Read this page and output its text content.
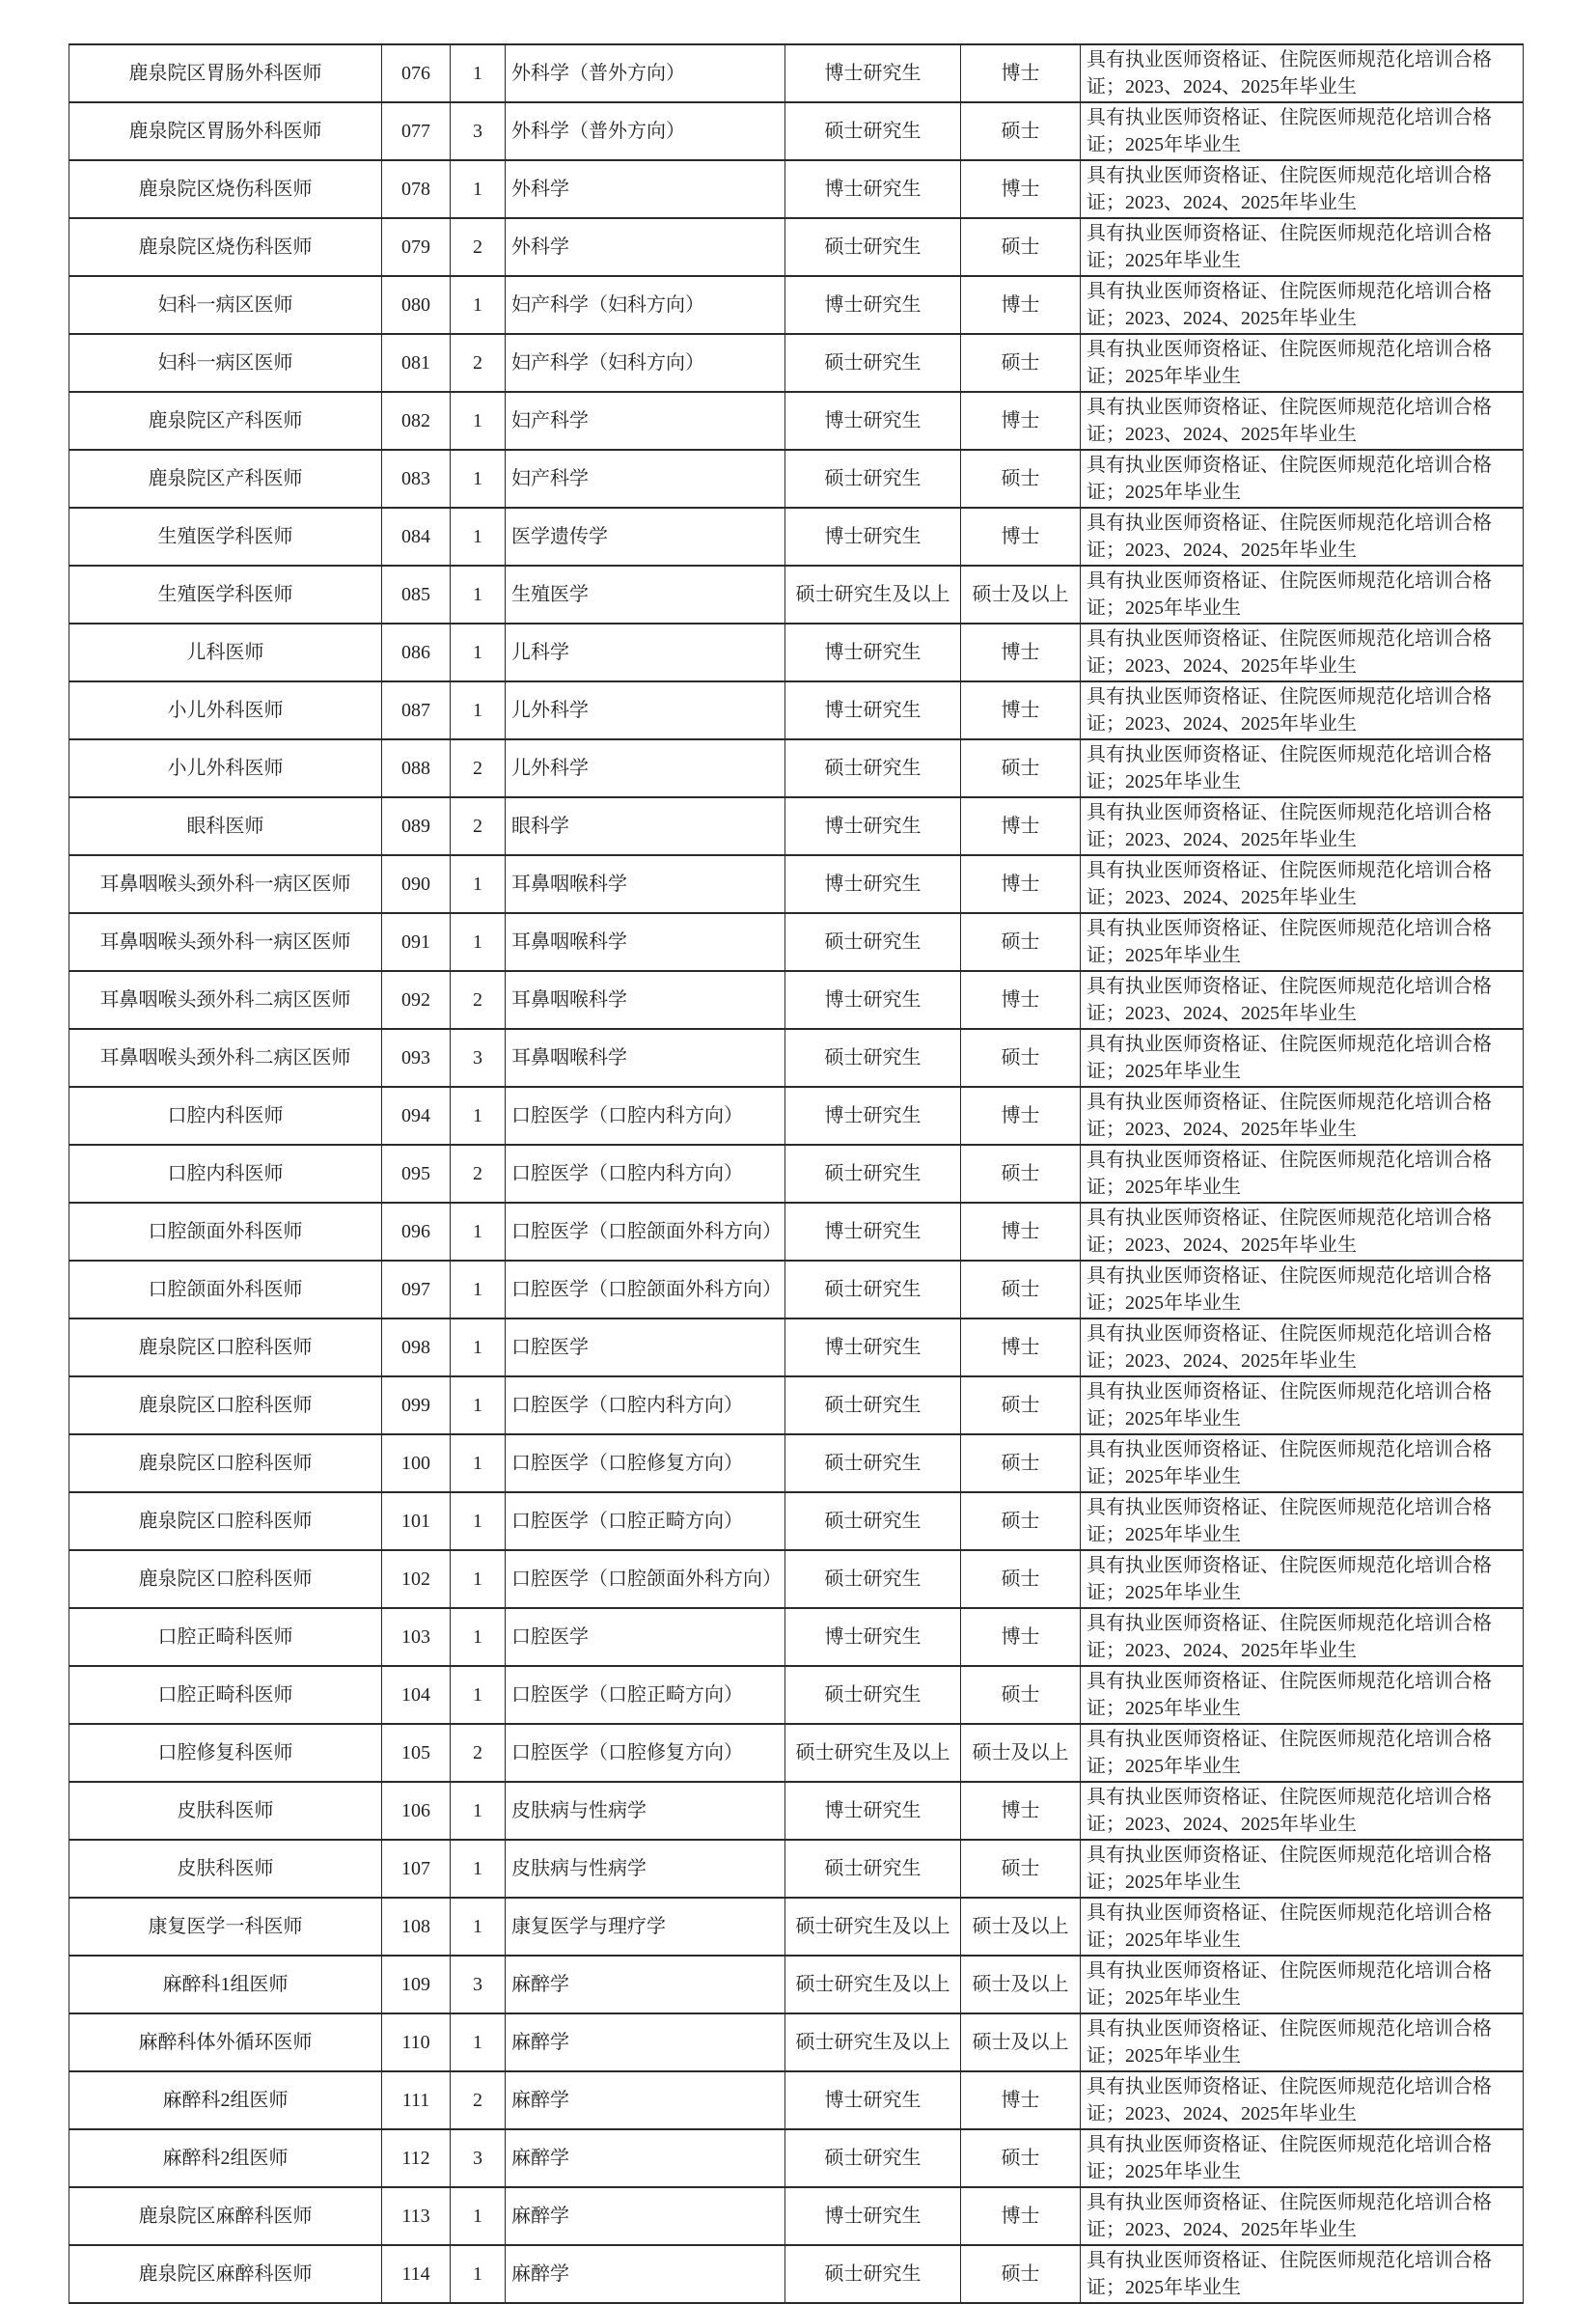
鹿泉院区胃肠外科医师	076	1	外科学（普外方向）	博士研究生	博士	具有执业医师资格证、住院医师规范化培训合格证；2023、2024、2025年毕业生
鹿泉院区胃肠外科医师	077	3	外科学（普外方向）	硕士研究生	硕士	具有执业医师资格证、住院医师规范化培训合格证；2025年毕业生
鹿泉院区烧伤科医师	078	1	外科学	博士研究生	博士	具有执业医师资格证、住院医师规范化培训合格证；2023、2024、2025年毕业生
鹿泉院区烧伤科医师	079	2	外科学	硕士研究生	硕士	具有执业医师资格证、住院医师规范化培训合格证；2025年毕业生
妇科一病区医师	080	1	妇产科学（妇科方向）	博士研究生	博士	具有执业医师资格证、住院医师规范化培训合格证；2023、2024、2025年毕业生
妇科一病区医师	081	2	妇产科学（妇科方向）	硕士研究生	硕士	具有执业医师资格证、住院医师规范化培训合格证；2025年毕业生
鹿泉院区产科医师	082	1	妇产科学	博士研究生	博士	具有执业医师资格证、住院医师规范化培训合格证；2023、2024、2025年毕业生
鹿泉院区产科医师	083	1	妇产科学	硕士研究生	硕士	具有执业医师资格证、住院医师规范化培训合格证；2025年毕业生
生殖医学科医师	084	1	医学遗传学	博士研究生	博士	具有执业医师资格证、住院医师规范化培训合格证；2023、2024、2025年毕业生
生殖医学科医师	085	1	生殖医学	硕士研究生及以上	硕士及以上	具有执业医师资格证、住院医师规范化培训合格证；2025年毕业生
儿科医师	086	1	儿科学	博士研究生	博士	具有执业医师资格证、住院医师规范化培训合格证；2023、2024、2025年毕业生
小儿外科医师	087	1	儿外科学	博士研究生	博士	具有执业医师资格证、住院医师规范化培训合格证；2023、2024、2025年毕业生
小儿外科医师	088	2	儿外科学	硕士研究生	硕士	具有执业医师资格证、住院医师规范化培训合格证；2025年毕业生
眼科医师	089	2	眼科学	博士研究生	博士	具有执业医师资格证、住院医师规范化培训合格证；2023、2024、2025年毕业生
耳鼻咽喉头颈外科一病区医师	090	1	耳鼻咽喉科学	博士研究生	博士	具有执业医师资格证、住院医师规范化培训合格证；2023、2024、2025年毕业生
耳鼻咽喉头颈外科一病区医师	091	1	耳鼻咽喉科学	硕士研究生	硕士	具有执业医师资格证、住院医师规范化培训合格证；2025年毕业生
耳鼻咽喉头颈外科二病区医师	092	2	耳鼻咽喉科学	博士研究生	博士	具有执业医师资格证、住院医师规范化培训合格证；2023、2024、2025年毕业生
耳鼻咽喉头颈外科二病区医师	093	3	耳鼻咽喉科学	硕士研究生	硕士	具有执业医师资格证、住院医师规范化培训合格证；2025年毕业生
口腔内科医师	094	1	口腔医学（口腔内科方向）	博士研究生	博士	具有执业医师资格证、住院医师规范化培训合格证；2023、2024、2025年毕业生
口腔内科医师	095	2	口腔医学（口腔内科方向）	硕士研究生	硕士	具有执业医师资格证、住院医师规范化培训合格证；2025年毕业生
口腔颌面外科医师	096	1	口腔医学（口腔颌面外科方向）	博士研究生	博士	具有执业医师资格证、住院医师规范化培训合格证；2023、2024、2025年毕业生
口腔颌面外科医师	097	1	口腔医学（口腔颌面外科方向）	硕士研究生	硕士	具有执业医师资格证、住院医师规范化培训合格证；2025年毕业生
鹿泉院区口腔科医师	098	1	口腔医学	博士研究生	博士	具有执业医师资格证、住院医师规范化培训合格证；2023、2024、2025年毕业生
鹿泉院区口腔科医师	099	1	口腔医学（口腔内科方向）	硕士研究生	硕士	具有执业医师资格证、住院医师规范化培训合格证；2025年毕业生
鹿泉院区口腔科医师	100	1	口腔医学（口腔修复方向）	硕士研究生	硕士	具有执业医师资格证、住院医师规范化培训合格证；2025年毕业生
鹿泉院区口腔科医师	101	1	口腔医学（口腔正畸方向）	硕士研究生	硕士	具有执业医师资格证、住院医师规范化培训合格证；2025年毕业生
鹿泉院区口腔科医师	102	1	口腔医学（口腔颌面外科方向）	硕士研究生	硕士	具有执业医师资格证、住院医师规范化培训合格证；2025年毕业生
口腔正畸科医师	103	1	口腔医学	博士研究生	博士	具有执业医师资格证、住院医师规范化培训合格证；2023、2024、2025年毕业生
口腔正畸科医师	104	1	口腔医学（口腔正畸方向）	硕士研究生	硕士	具有执业医师资格证、住院医师规范化培训合格证；2025年毕业生
口腔修复科医师	105	2	口腔医学（口腔修复方向）	硕士研究生及以上	硕士及以上	具有执业医师资格证、住院医师规范化培训合格证；2025年毕业生
皮肤科医师	106	1	皮肤病与性病学	博士研究生	博士	具有执业医师资格证、住院医师规范化培训合格证；2023、2024、2025年毕业生
皮肤科医师	107	1	皮肤病与性病学	硕士研究生	硕士	具有执业医师资格证、住院医师规范化培训合格证；2025年毕业生
康复医学一科医师	108	1	康复医学与理疗学	硕士研究生及以上	硕士及以上	具有执业医师资格证、住院医师规范化培训合格证；2025年毕业生
麻醉科1组医师	109	3	麻醉学	硕士研究生及以上	硕士及以上	具有执业医师资格证、住院医师规范化培训合格证；2025年毕业生
麻醉科体外循环医师	110	1	麻醉学	硕士研究生及以上	硕士及以上	具有执业医师资格证、住院医师规范化培训合格证；2025年毕业生
麻醉科2组医师	111	2	麻醉学	博士研究生	博士	具有执业医师资格证、住院医师规范化培训合格证；2023、2024、2025年毕业生
麻醉科2组医师	112	3	麻醉学	硕士研究生	硕士	具有执业医师资格证、住院医师规范化培训合格证；2025年毕业生
鹿泉院区麻醉科医师	113	1	麻醉学	博士研究生	博士	具有执业医师资格证、住院医师规范化培训合格证；2023、2024、2025年毕业生
鹿泉院区麻醉科医师	114	1	麻醉学	硕士研究生	硕士	具有执业医师资格证、住院医师规范化培训合格证；2025年毕业生
